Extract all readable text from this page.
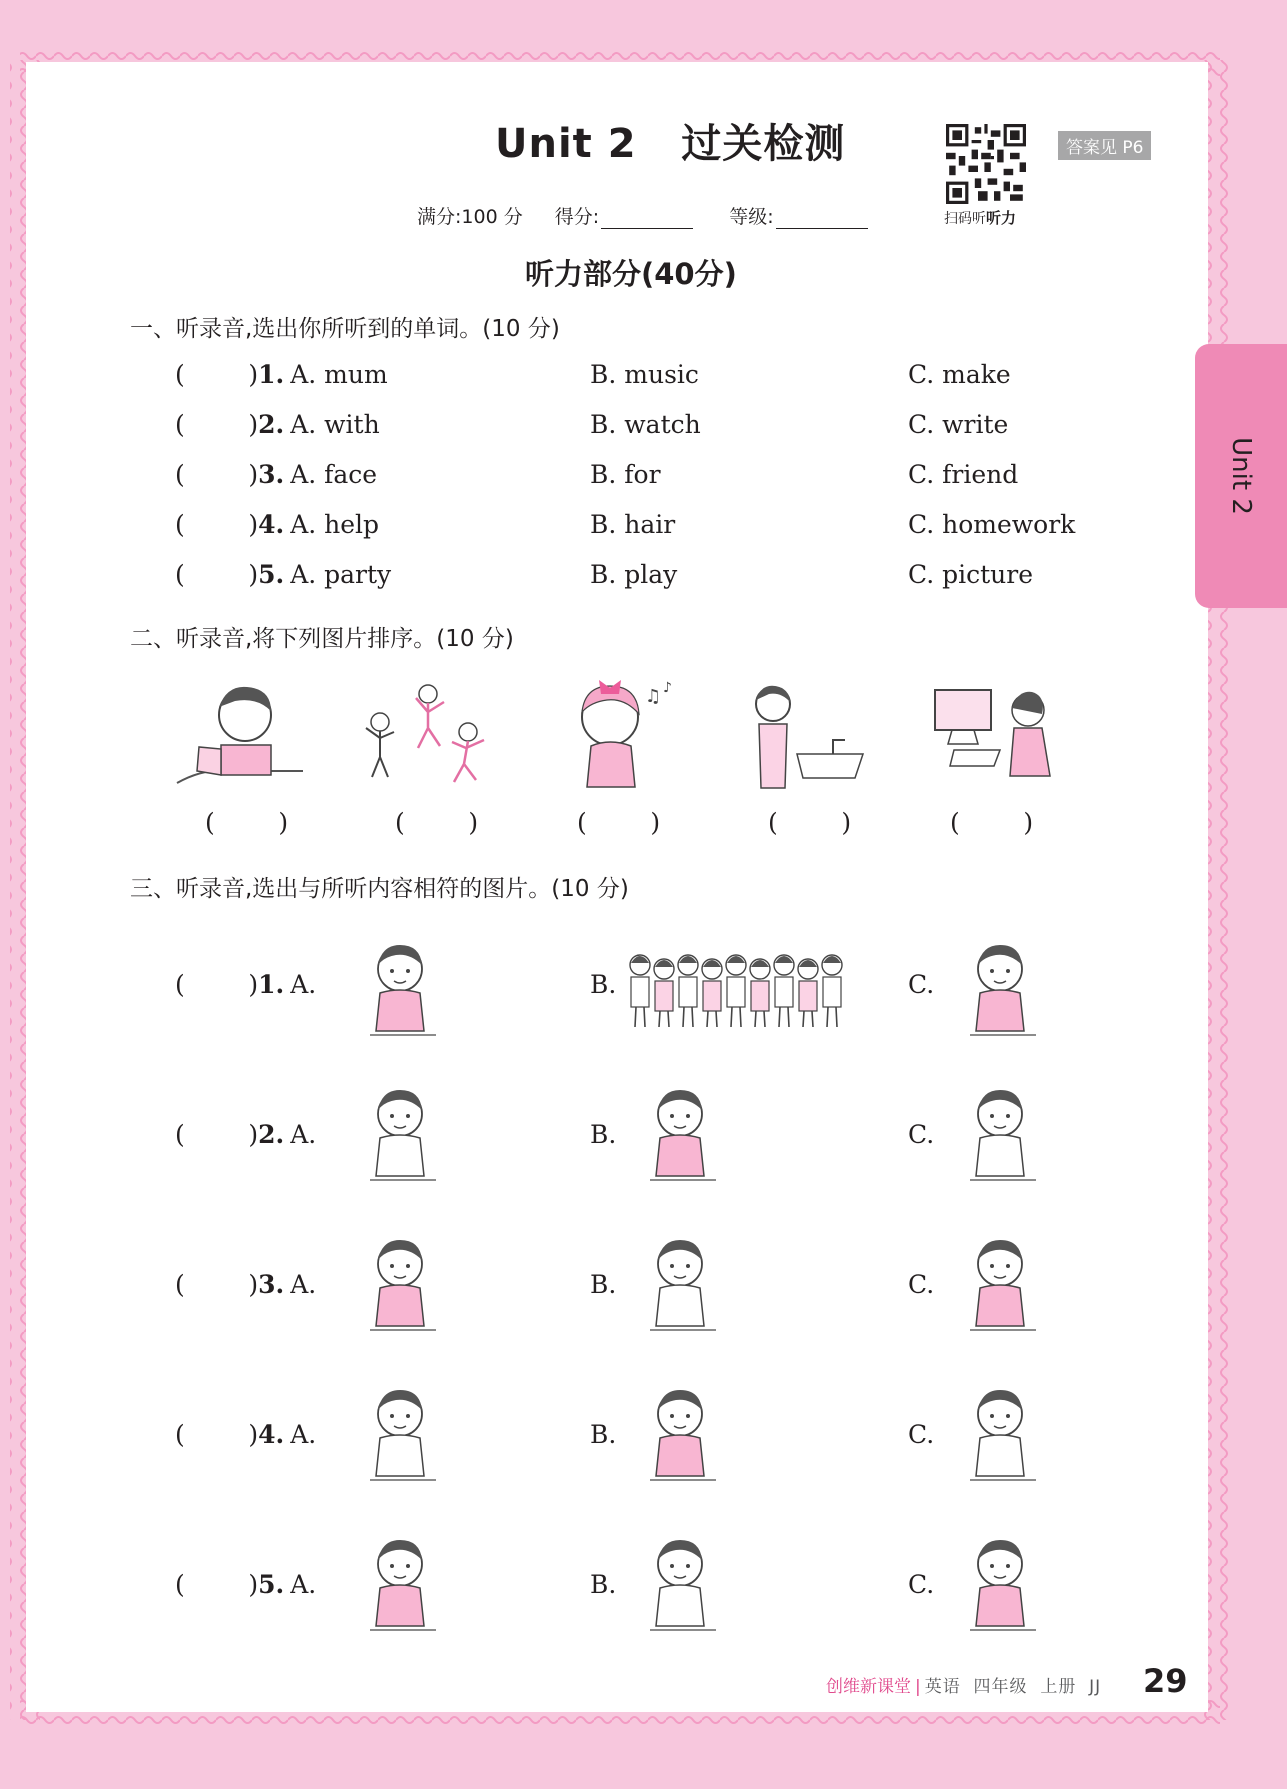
Unit 2
Unit 2   过关检测
扫码听听力
答案见 P6
满分:100 分 得分:	等级:
听力部分(40分)
一、听录音,选出你所听到的单词。(10 分)
(        )1. A. mum	B. music	C. make
(        )2. A. with	B. watch	C. write
(        )3. A. face	B. for	C. friend
(        )4. A. help	B. hair	C. homework
(        )5. A. party	B. play	C. picture
二、听录音,将下列图片排序。(10 分)
♫ ♪
(        )	(        )	(        )	(        )	(        )
三、听录音,选出与所听内容相符的图片。(10 分)
(        )1. A.	B.	C.
(        )2. A.	B.	C.
(        )3. A.	B.	C.
(        )4. A.	B.	C.
(        )5. A.	B.	C.
创维新课堂 | 英语  四年级  上册  JJ 29
